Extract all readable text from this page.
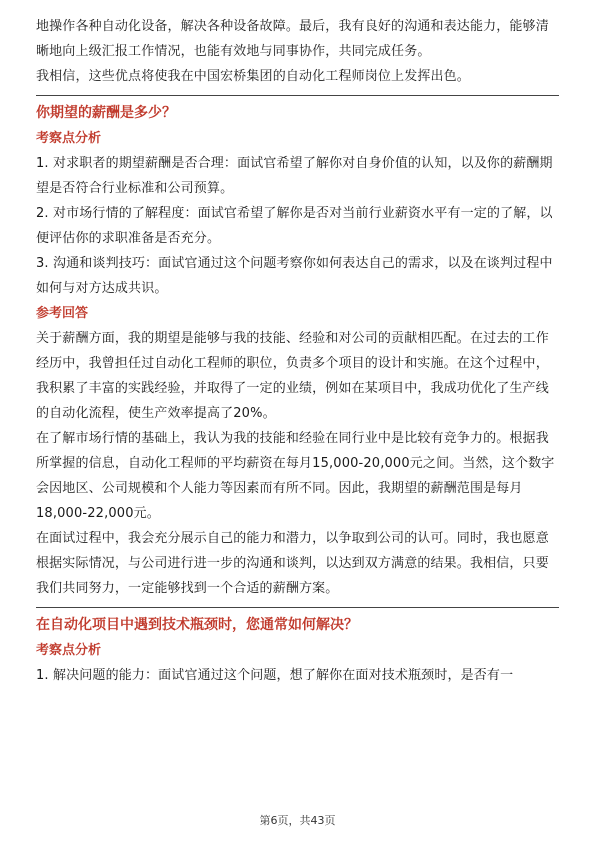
地操作各种自动化设备，解决各种设备故障。最后，我有良好的沟通和表达能力，能够清晰地向上级汇报工作情况，也能有效地与同事协作，共同完成任务。

我相信，这些优点将使我在中国宏桥集团的自动化工程师岗位上发挥出色。

你期望的薪酬是多少？

考察点分析

1. 对求职者的期望薪酬是否合理：面试官希望了解你对自身价值的认知，以及你的薪酬期望是否符合行业标准和公司预算。

2. 对市场行情的了解程度：面试官希望了解你是否对当前行业薪资水平有一定的了解，以便评估你的求职准备是否充分。

3. 沟通和谈判技巧：面试官通过这个问题考察你如何表达自己的需求，以及在谈判过程中如何与对方达成共识。

参考回答

关于薪酬方面，我的期望是能够与我的技能、经验和对公司的贡献相匹配。在过去的工作经历中，我曾担任过自动化工程师的职位，负责多个项目的设计和实施。在这个过程中，我积累了丰富的实践经验，并取得了一定的业绩，例如在某项目中，我成功优化了生产线的自动化流程，使生产效率提高了20%。

在了解市场行情的基础上，我认为我的技能和经验在同行业中是比较有竞争力的。根据我所掌握的信息，自动化工程师的平均薪资在每月15,000-20,000元之间。当然，这个数字会因地区、公司规模和个人能力等因素而有所不同。因此，我期望的薪酬范围是每月18,000-22,000元。

在面试过程中，我会充分展示自己的能力和潜力，以争取到公司的认可。同时，我也愿意根据实际情况，与公司进行进一步的沟通和谈判，以达到双方满意的结果。我相信，只要我们共同努力，一定能够找到一个合适的薪酬方案。

在自动化项目中遇到技术瓶颈时，您通常如何解决？

考察点分析

1. 解决问题的能力：面试官通过这个问题，想了解你在面对技术瓶颈时，是否有一

第6页，共43页
